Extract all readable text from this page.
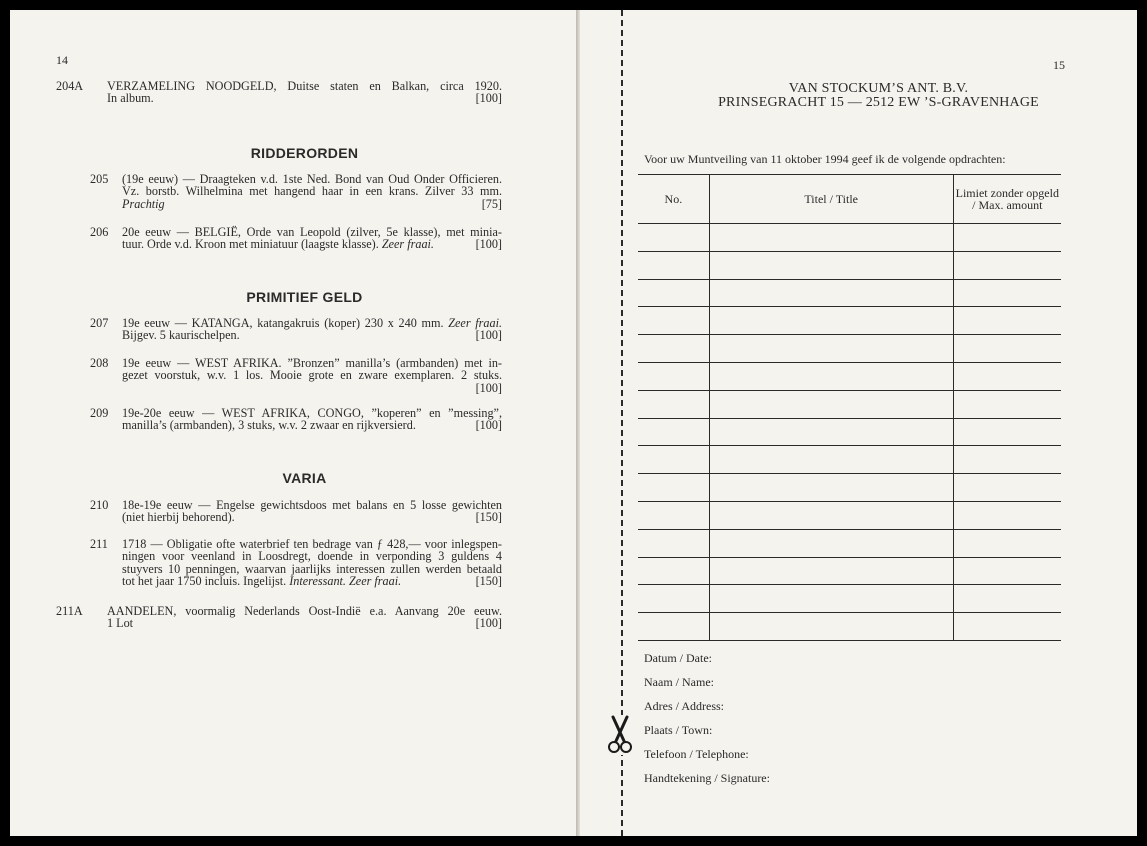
14
204A	VERZAMELING NOODGELD, Duitse staten en Balkan, circa 1920.
In album.	[100]
RIDDERORDEN
205	(19e eeuw) — Draagteken v.d. 1ste Ned. Bond van Oud Onder Officieren.
Vz. borstb. Wilhelmina met hangend haar in een krans. Zilver 33 mm.
Prachtig	[75]
206	20e eeuw — BELGIË, Orde van Leopold (zilver, 5e klasse), met minia-
tuur. Orde v.d. Kroon met miniatuur (laagste klasse). Zeer fraai.	[100]
PRIMITIEF GELD
207	19e eeuw — KATANGA, katangakruis (koper) 230 x 240 mm. Zeer fraai.
Bijgev. 5 kaurischelpen.	[100]
208	19e eeuw — WEST AFRIKA. ”Bronzen” manilla’s (armbanden) met in-
gezet voorstuk, w.v. 1 los. Mooie grote en zware exemplaren. 2 stuks.
[100]
209	19e-20e eeuw — WEST AFRIKA, CONGO, ”koperen” en ”messing”,
manilla’s (armbanden), 3 stuks, w.v. 2 zwaar en rijkversierd.	[100]
VARIA
210	18e-19e eeuw — Engelse gewichtsdoos met balans en 5 losse gewichten
(niet hierbij behorend).	[150]
211	1718 — Obligatie ofte waterbrief ten bedrage van ƒ 428,— voor inlegspen-
ningen voor veenland in Loosdregt, doende in verponding 3 guldens 4
stuyvers 10 penningen, waarvan jaarlijks interessen zullen werden betaald
tot het jaar 1750 incluis. Ingelijst. Interessant. Zeer fraai.	[150]
211A	AANDELEN, voormalig Nederlands Oost-Indië e.a. Aanvang 20e eeuw.
1 Lot	[100]
15
VAN STOCKUM’S ANT. B.V.
PRINSEGRACHT 15 — 2512 EW ’S-GRAVENHAGE
Voor uw Muntveiling van 11 oktober 1994 geef ik de volgende opdrachten:
No.	Titel / Title	Limiet zonder opgeld / Max. amount

Datum / Date:
Naam / Name:
Adres / Address:
Plaats / Town:
Telefoon / Telephone:
Handtekening / Signature:
